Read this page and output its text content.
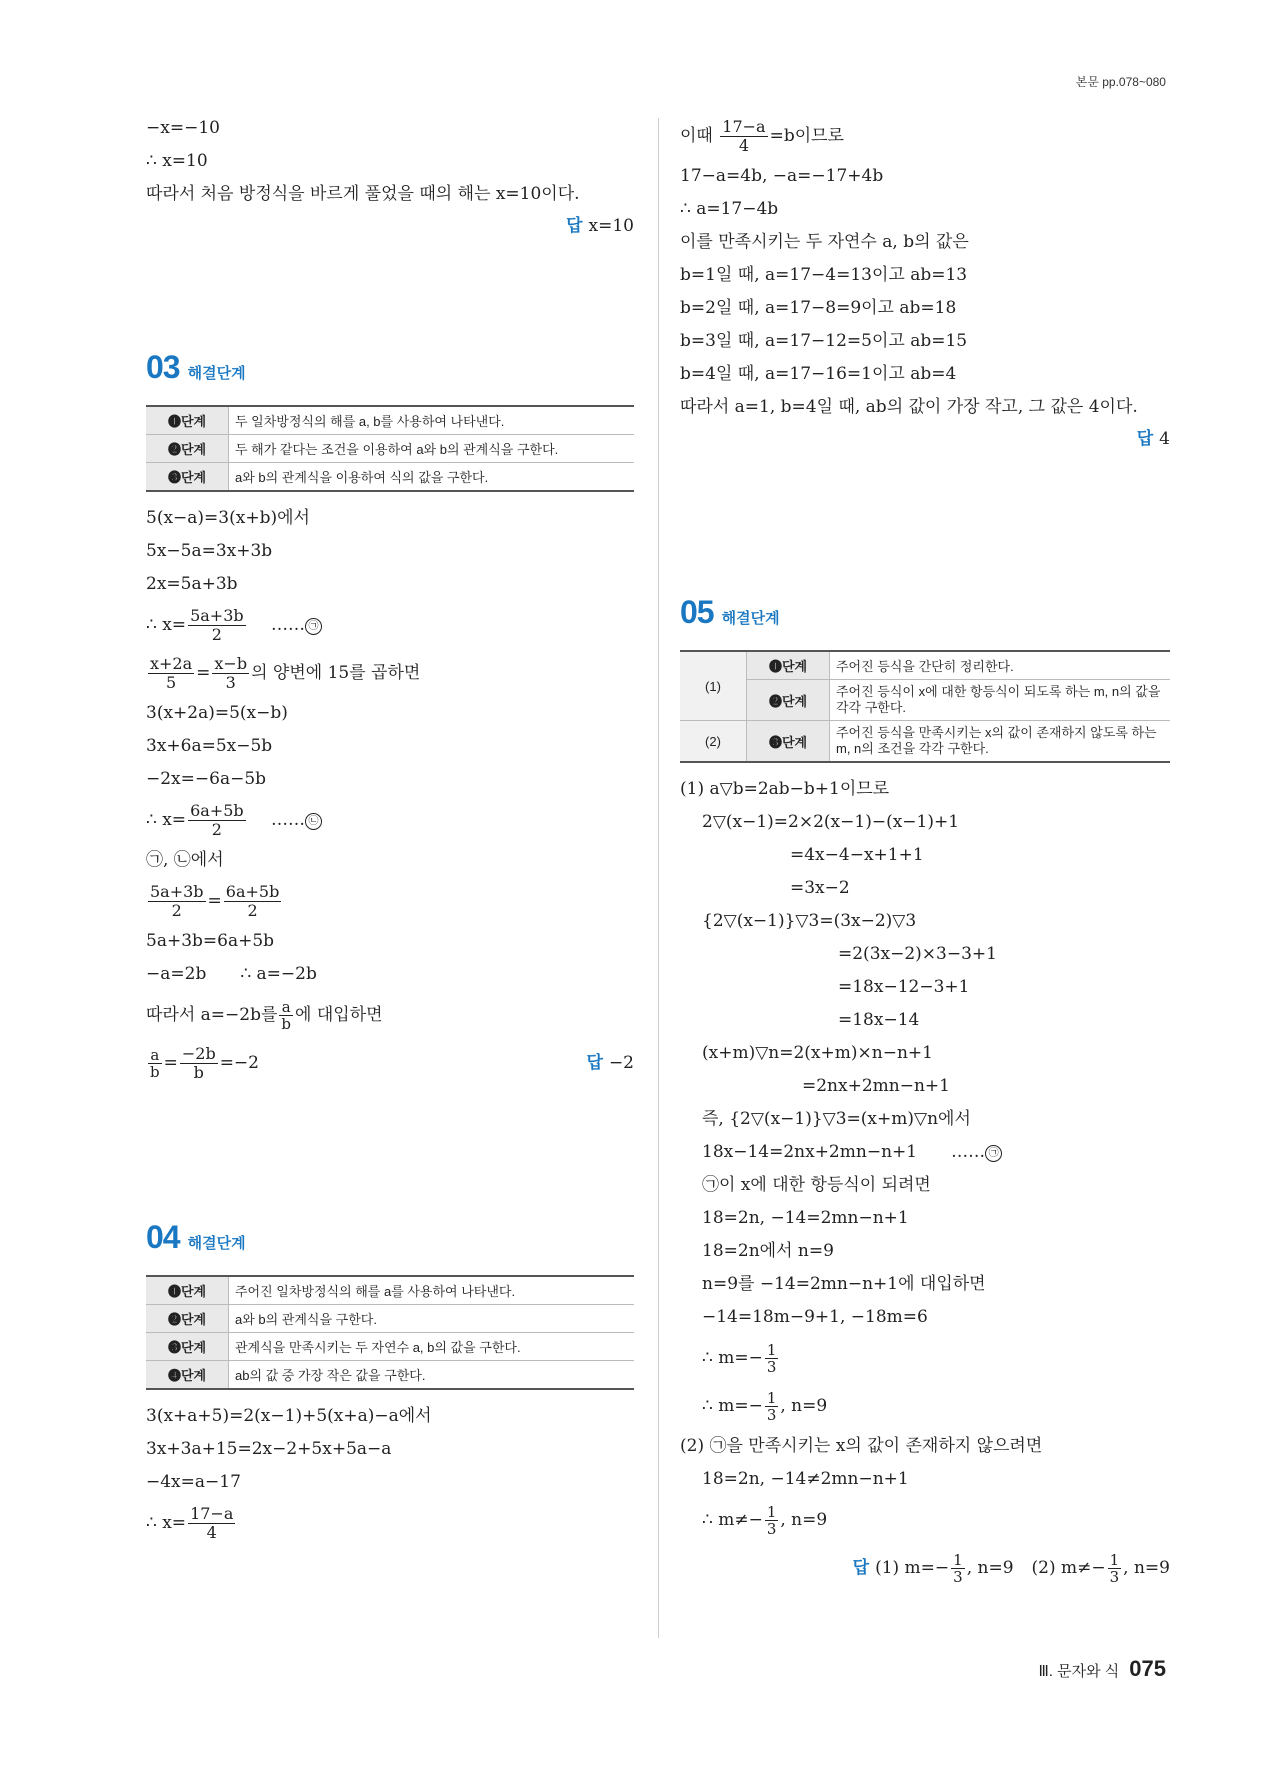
본문 pp.078~080
−x=−10
∴ x=10
따라서 처음 방정식을 바르게 풀었을 때의 해는 x=10이다.
답 x=10
03 해결단계
❶단계	두 일차방정식의 해를 a, b를 사용하여 나타낸다.
❷단계	두 해가 같다는 조건을 이용하여 a와 b의 관계식을 구한다.
❸단계	a와 b의 관계식을 이용하여 식의 값을 구한다.
5(x−a)=3(x+b)에서
5x−5a=3x+3b
2x=5a+3b
∴ $x= \frac{5a+3b}{2}$ …… ㉠
$\frac{x+2a}{5} = \frac{x-b}{3}$ 의 양변에 15를 곱하면
3(x+2a)=5(x−b)
3x+6a=5x−5b
−2x=−6a−5b
∴ $x= \frac{6a+5b}{2}$ …… ㉡
㉠, ㉡에서
$\frac{5a+3b}{2} = \frac{6a+5b}{2}$
5a+3b=6a+5b
−a=2b ∴ a=−2b
따라서 a=−2b를 $\frac{a}{b}$ 에 대입하면
$\frac{a}{b} = \frac{-2b}{b} =-2$	답 −2
04 해결단계
❶단계	주어진 일차방정식의 해를 a를 사용하여 나타낸다.
❷단계	a와 b의 관계식을 구한다.
❸단계	관계식을 만족시키는 두 자연수 a, b의 값을 구한다.
❹단계	ab의 값 중 가장 작은 값을 구한다.
3(x+a+5)=2(x−1)+5(x+a)−a에서
3x+3a+15=2x−2+5x+5a−a
−4x=a−17
∴ $x= \frac{17-a}{4}$
이때 $\frac{17-a}{4} =b$이므로
17−a=4b, −a=−17+4b
∴ a=17−4b
이를 만족시키는 두 자연수 a, b의 값은
b=1일 때, a=17−4=13이고 ab=13
b=2일 때, a=17−8=9이고 ab=18
b=3일 때, a=17−12=5이고 ab=15
b=4일 때, a=17−16=1이고 ab=4
따라서 a=1, b=4일 때, ab의 값이 가장 작고, 그 값은 4이다.
답 4
05 해결단계
(1)	❶단계	주어진 등식을 간단히 정리한다.
	❷단계	주어진 등식이 x에 대한 항등식이 되도록 하는 m, n의 값을 각각 구한다.
(2)	❸단계	주어진 등식을 만족시키는 x의 값이 존재하지 않도록 하는 m, n의 조건을 각각 구한다.
(1) a▽b=2ab−b+1이므로
2▽(x−1)=2×2(x−1)−(x−1)+1
=4x−4−x+1+1
=3x−2
{2▽(x−1)}▽3=(3x−2)▽3
=2(3x−2)×3−3+1
=18x−12−3+1
=18x−14
(x+m)▽n=2(x+m)×n−n+1
=2nx+2mn−n+1
즉, {2▽(x−1)}▽3=(x+m)▽n에서
18x−14=2nx+2mn−n+1 …… ㉠
㉠이 x에 대한 항등식이 되려면
18=2n, −14=2mn−n+1
18=2n에서 n=9
n=9를 −14=2mn−n+1에 대입하면
−14=18m−9+1, −18m=6
∴ $m=- \frac{1}{3}$
∴ $m=- \frac{1}{3}$ , n=9
(2) ㉠을 만족시키는 x의 값이 존재하지 않으려면
18=2n, −14≠2mn−n+1
∴ $m\ne- \frac{1}{3}$ , n=9
답 (1) $m=- \frac{1}{3}$ , n=9 (2) $m\ne- \frac{1}{3}$ , n=9
Ⅲ. 문자와 식 075
